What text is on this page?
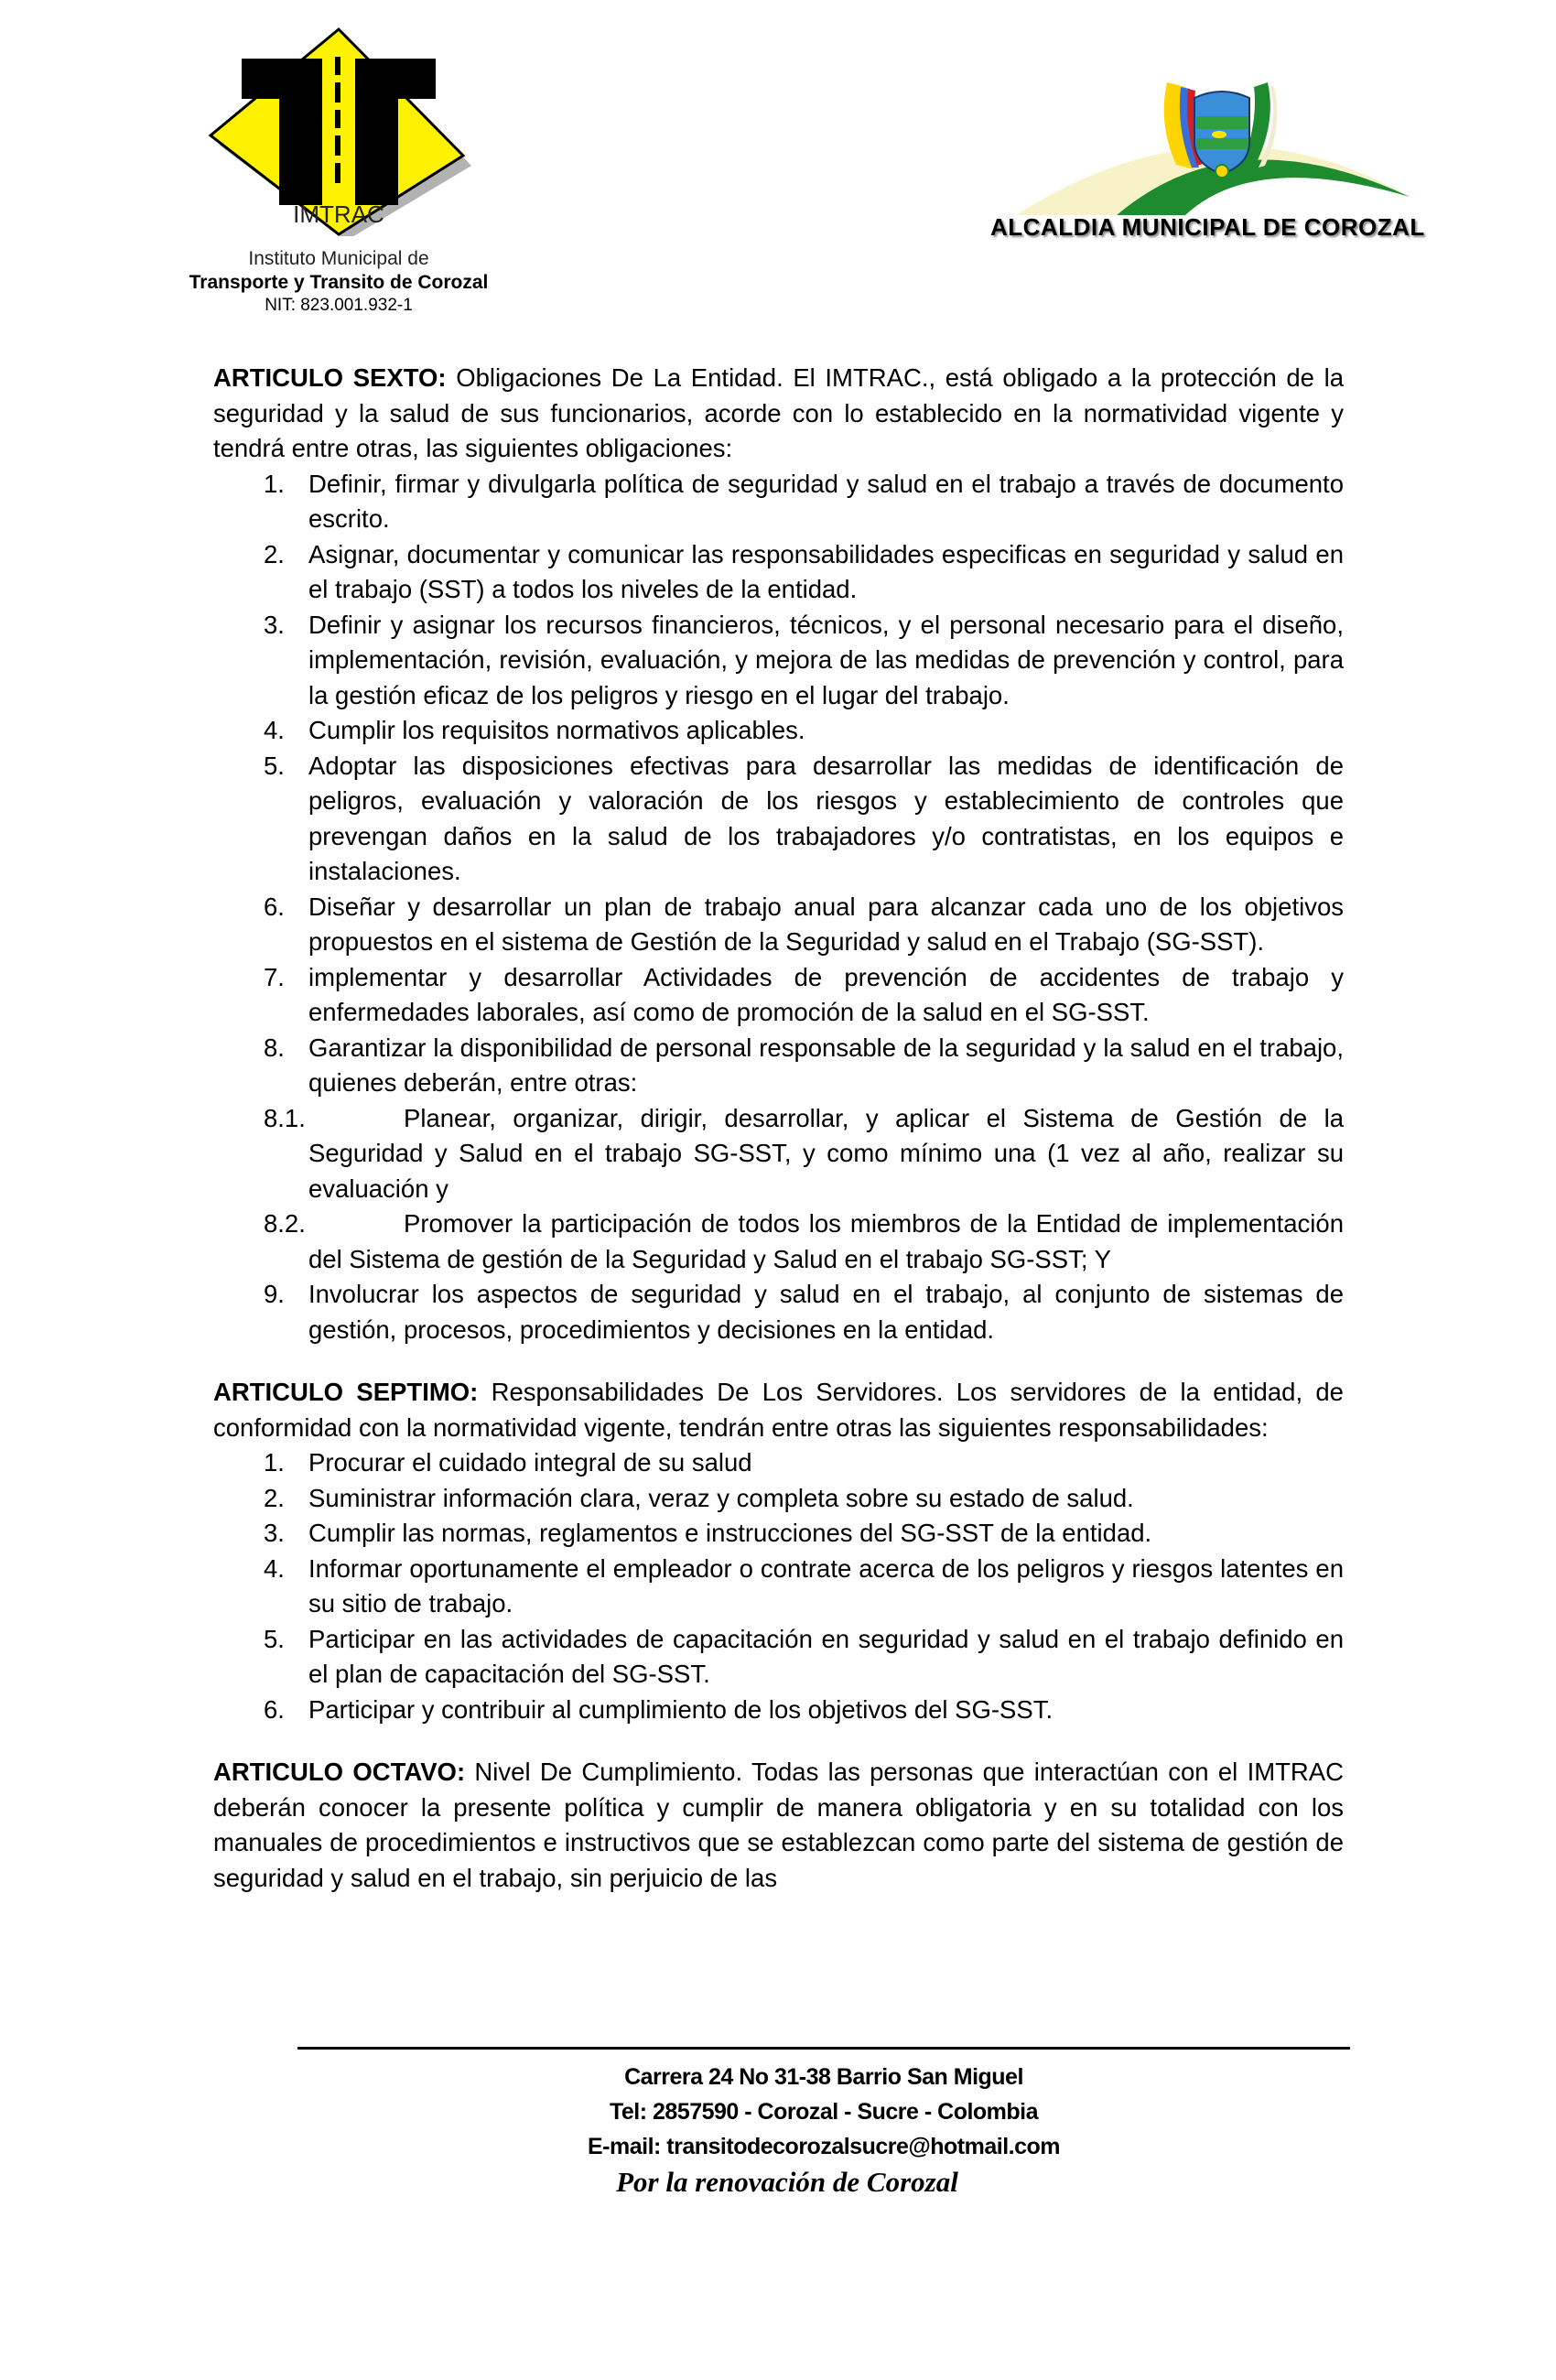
IMTRAC
Instituto Municipal de
Transporte y Transito de Corozal
NIT: 823.001.932-1
ALCALDIA MUNICIPAL DE COROZAL

ARTICULO SEXTO: Obligaciones De La Entidad. El IMTRAC., está obligado a la protección de la seguridad y la salud de sus funcionarios, acorde con lo establecido en la normatividad vigente y tendrá entre otras, las siguientes obligaciones:

1. Definir, firmar y divulgarla política de seguridad y salud en el trabajo a través de documento escrito.
2. Asignar, documentar y comunicar las responsabilidades especificas en seguridad y salud en el trabajo (SST) a todos los niveles de la entidad.
3. Definir y asignar los recursos financieros, técnicos, y el personal necesario para el diseño, implementación, revisión, evaluación, y mejora de las medidas de prevención y control, para la gestión eficaz de los peligros y riesgo en el lugar del trabajo.
4. Cumplir los requisitos normativos aplicables.
5. Adoptar las disposiciones efectivas para desarrollar las medidas de identificación de peligros, evaluación y valoración de los riesgos y establecimiento de controles que prevengan daños en la salud de los trabajadores y/o contratistas, en los equipos e instalaciones.
6. Diseñar y desarrollar un plan de trabajo anual para alcanzar cada uno de los objetivos propuestos en el sistema de Gestión de la Seguridad y salud en el Trabajo (SG-SST).
7. implementar y desarrollar Actividades de prevención de accidentes de trabajo y enfermedades laborales, así como de promoción de la salud en el SG-SST.
8. Garantizar la disponibilidad de personal responsable de la seguridad y la salud en el trabajo, quienes deberán, entre otras:
8.1.	Planear, organizar, dirigir, desarrollar, y aplicar el Sistema de Gestión de la Seguridad y Salud en el trabajo SG-SST, y como mínimo una (1 vez al año, realizar su evaluación y
8.2.	Promover la participación de todos los miembros de la Entidad de implementación del Sistema de gestión de la Seguridad y Salud en el trabajo SG-SST; Y
9. Involucrar los aspectos de seguridad y salud en el trabajo, al conjunto de sistemas de gestión, procesos, procedimientos y decisiones en la entidad.

ARTICULO SEPTIMO: Responsabilidades De Los Servidores. Los servidores de la entidad, de conformidad con la normatividad vigente, tendrán entre otras las siguientes responsabilidades:

1. Procurar el cuidado integral de su salud
2. Suministrar información clara, veraz y completa sobre su estado de salud.
3. Cumplir las normas, reglamentos e instrucciones del SG-SST de la entidad.
4. Informar oportunamente el empleador o contrate acerca de los peligros y riesgos latentes en su sitio de trabajo.
5. Participar en las actividades de capacitación en seguridad y salud en el trabajo definido en el plan de capacitación del SG-SST.
6. Participar y contribuir al cumplimiento de los objetivos del SG-SST.

ARTICULO OCTAVO: Nivel De Cumplimiento. Todas las personas que interactúan con el IMTRAC deberán conocer la presente política y cumplir de manera obligatoria y en su totalidad con los manuales de procedimientos e instructivos que se establezcan como parte del sistema de gestión de seguridad y salud en el trabajo, sin perjuicio de las

Carrera 24 No 31-38 Barrio San Miguel
Tel: 2857590 - Corozal - Sucre - Colombia
E-mail: transitodecorozalsucre@hotmail.com
Por la renovación de Corozal
